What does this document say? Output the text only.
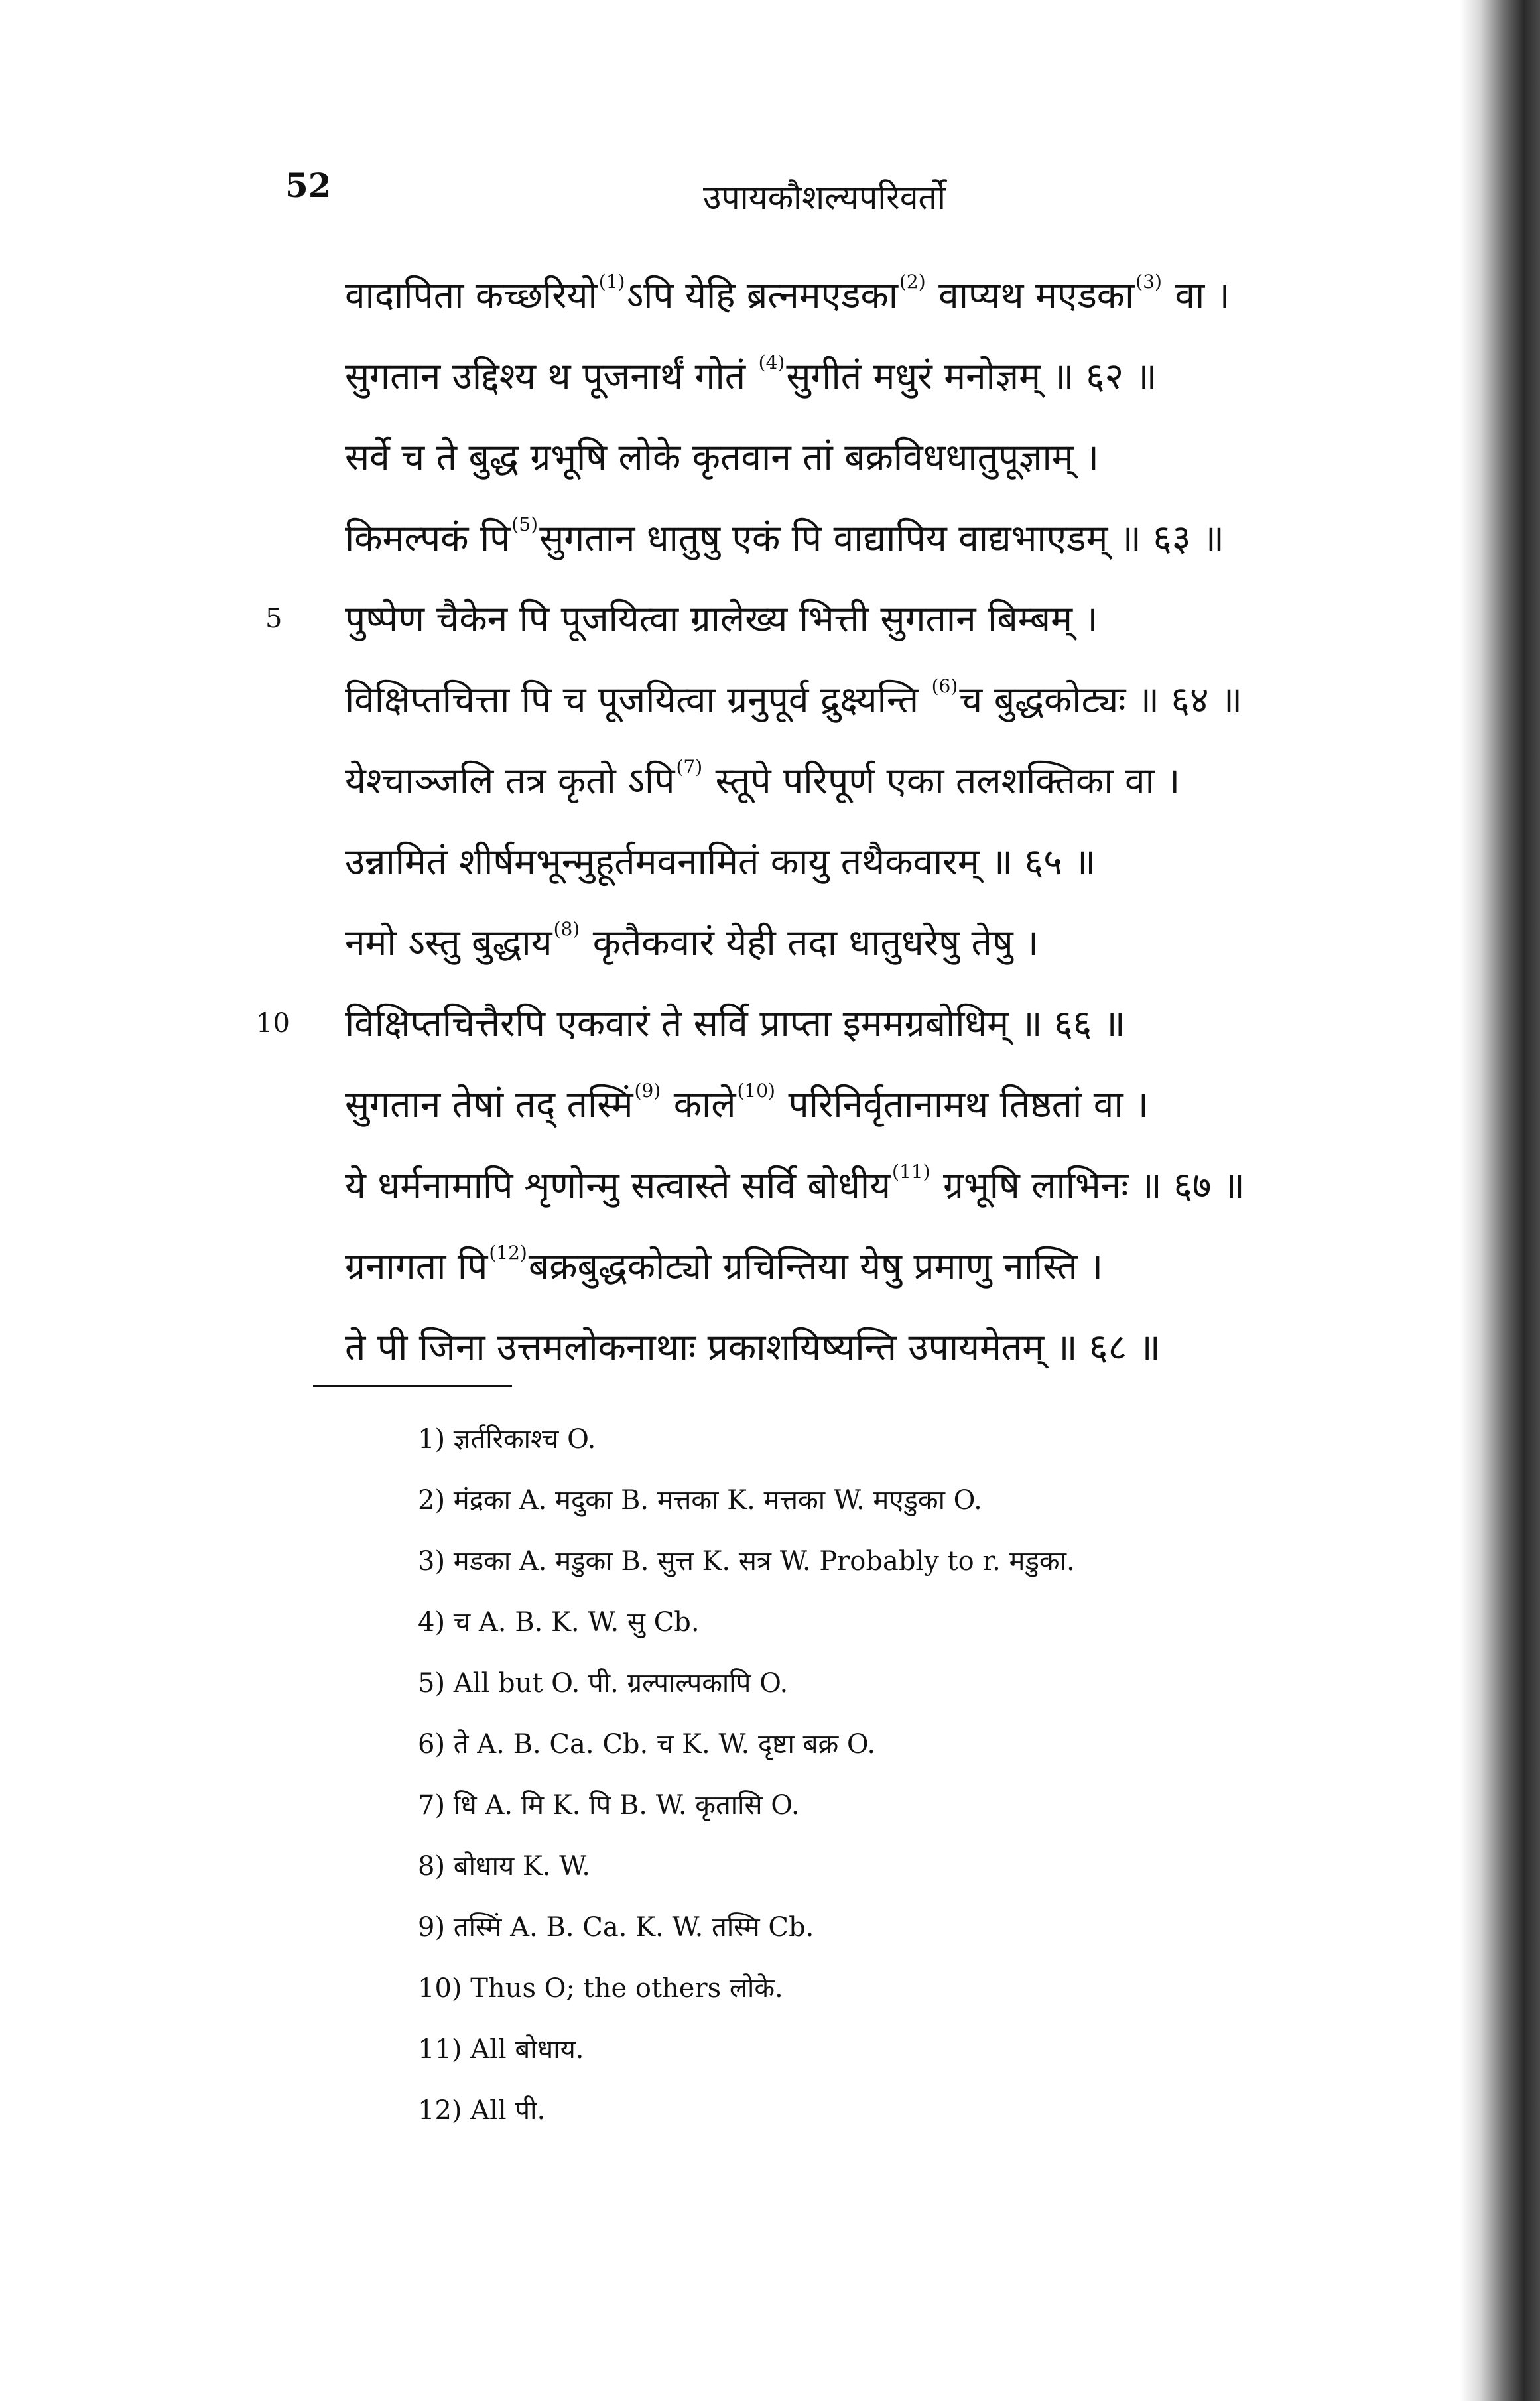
52	उपायकौशल्यपरिवर्तो
वादापिता कच्छरियो$^{(1)}$ऽपि येहि ब्रत्नमएडका$^{(2)}$ वाप्यथ मएडका$^{(3)}$ वा ।
सुगतान उद्दिश्य थ पूजनार्थं गोतं $^{(4)}$सुगीतं मधुरं मनोज्ञम् ॥ ६२ ॥
सर्वे च ते बुद्ध ग्रभूषि लोके कृतवान तां बक्रविधधातुपूज्ञाम् ।
किमल्पकं पि$^{(5)}$सुगतान धातुषु एकं पि वाद्यापिय वाद्यभाएडम् ॥ ६३ ॥
5 पुष्पेण चैकेन पि पूजयित्वा ग्रालेख्य भित्ती सुगतान बिम्बम् ।
विक्षिप्तचित्ता पि च पूजयित्वा ग्रनुपूर्व द्रुक्ष्यन्ति $^{(6)}$च बुद्धकोट्यः ॥ ६४ ॥
येश्चाञ्जलि तत्र कृतो ऽपि$^{(7)}$ स्तूपे परिपूर्ण एका तलशक्तिका वा ।
उन्नामितं शीर्षमभून्मुहूर्तमवनामितं कायु तथैकवारम् ॥ ६५ ॥
नमो ऽस्तु बुद्धाय$^{(8)}$ कृतैकवारं येही तदा धातुधरेषु तेषु ।
10 विक्षिप्तचित्तैरपि एकवारं ते सर्वि प्राप्ता इममग्रबोधिम् ॥ ६६ ॥
सुगतान तेषां तद् तस्मिं$^{(9)}$ काले$^{(10)}$ परिनिर्वृतानामथ तिष्ठतां वा ।
ये धर्मनामापि शृणोन्मु सत्वास्ते सर्वि बोधीय$^{(11)}$ ग्रभूषि लाभिनः ॥ ६७ ॥
ग्रनागता पि$^{(12)}$बक्रबुद्धकोट्यो ग्रचिन्तिया येषु प्रमाणु नास्ति ।
ते पी जिना उत्तमलोकनाथाः प्रकाशयिष्यन्ति उपायमेतम् ॥ ६८ ॥
1) ज्ञर्तरिकाश्च O.
2) मंद्रका A. मदुका B. मत्तका K. मत्तका W. मएडुका O.
3) मडका A. मडुका B. सुत्त K. सत्र W. Probably to r. मडुका.
4) च A. B. K. W. सु Cb.
5) All but O. पी. ग्रल्पाल्पकापि O.
6) ते A. B. Ca. Cb. च K. W. दृष्टा बक्र O.
7) धि A. मि K. पि B. W. कृतासि O.
8) बोधाय K. W.
9) तस्मिं A. B. Ca. K. W. तस्मि Cb.
10) Thus O; the others लोके.
11) All बोधाय.
12) All पी.
